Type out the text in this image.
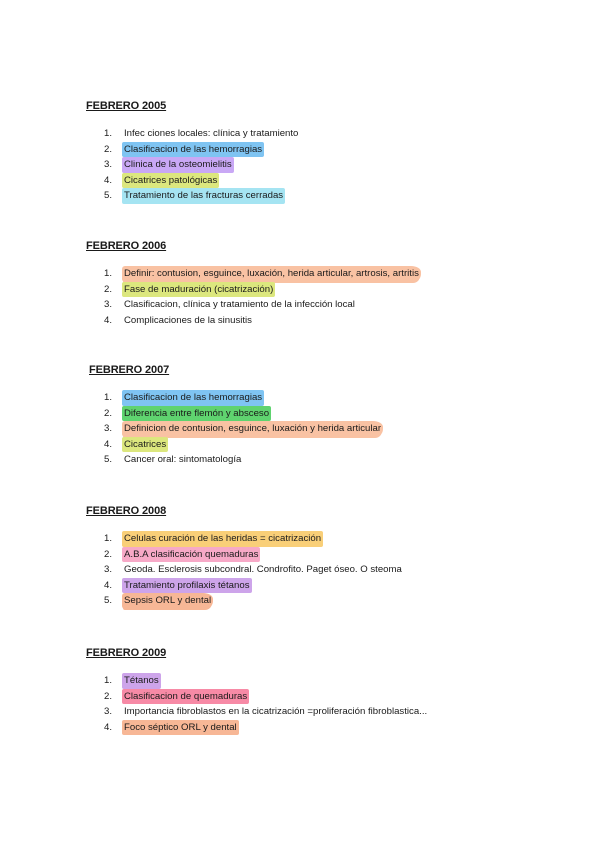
FEBRERO 2005
1.	Infec ciones locales: clínica y tratamiento
2.	Clasificacion de las hemorragias
3.	Clinica de la osteomielitis
4.	Cicatrices patológicas
5.	Tratamiento de las fracturas cerradas
FEBRERO 2006
1.	Definir: contusion, esguince, luxación, herida articular, artrosis, artritis
2.	Fase de maduración (cicatrización)
3.	Clasificacion, clínica y tratamiento de la infección local
4.	Complicaciones de la sinusitis
FEBRERO 2007
1.	Clasificacion de las hemorragias
2.	Diferencia entre flemón y absceso
3.	Definicion de contusion, esguince, luxación y herida articular
4.	Cicatrices
5.	Cancer oral: sintomatología
FEBRERO 2008
1.	Celulas curación de las heridas = cicatrización
2.	A.B.A clasificación quemaduras
3.	Geoda. Esclerosis subcondral. Condrofito. Paget óseo. O steoma
4.	Tratamiento profilaxis tétanos
5.	Sepsis ORL y dental
FEBRERO 2009
1.	Tétanos
2.	Clasificacion de quemaduras
3.	Importancia fibroblastos en la cicatrización =proliferación fibroblastica...
4.	Foco séptico ORL y dental
